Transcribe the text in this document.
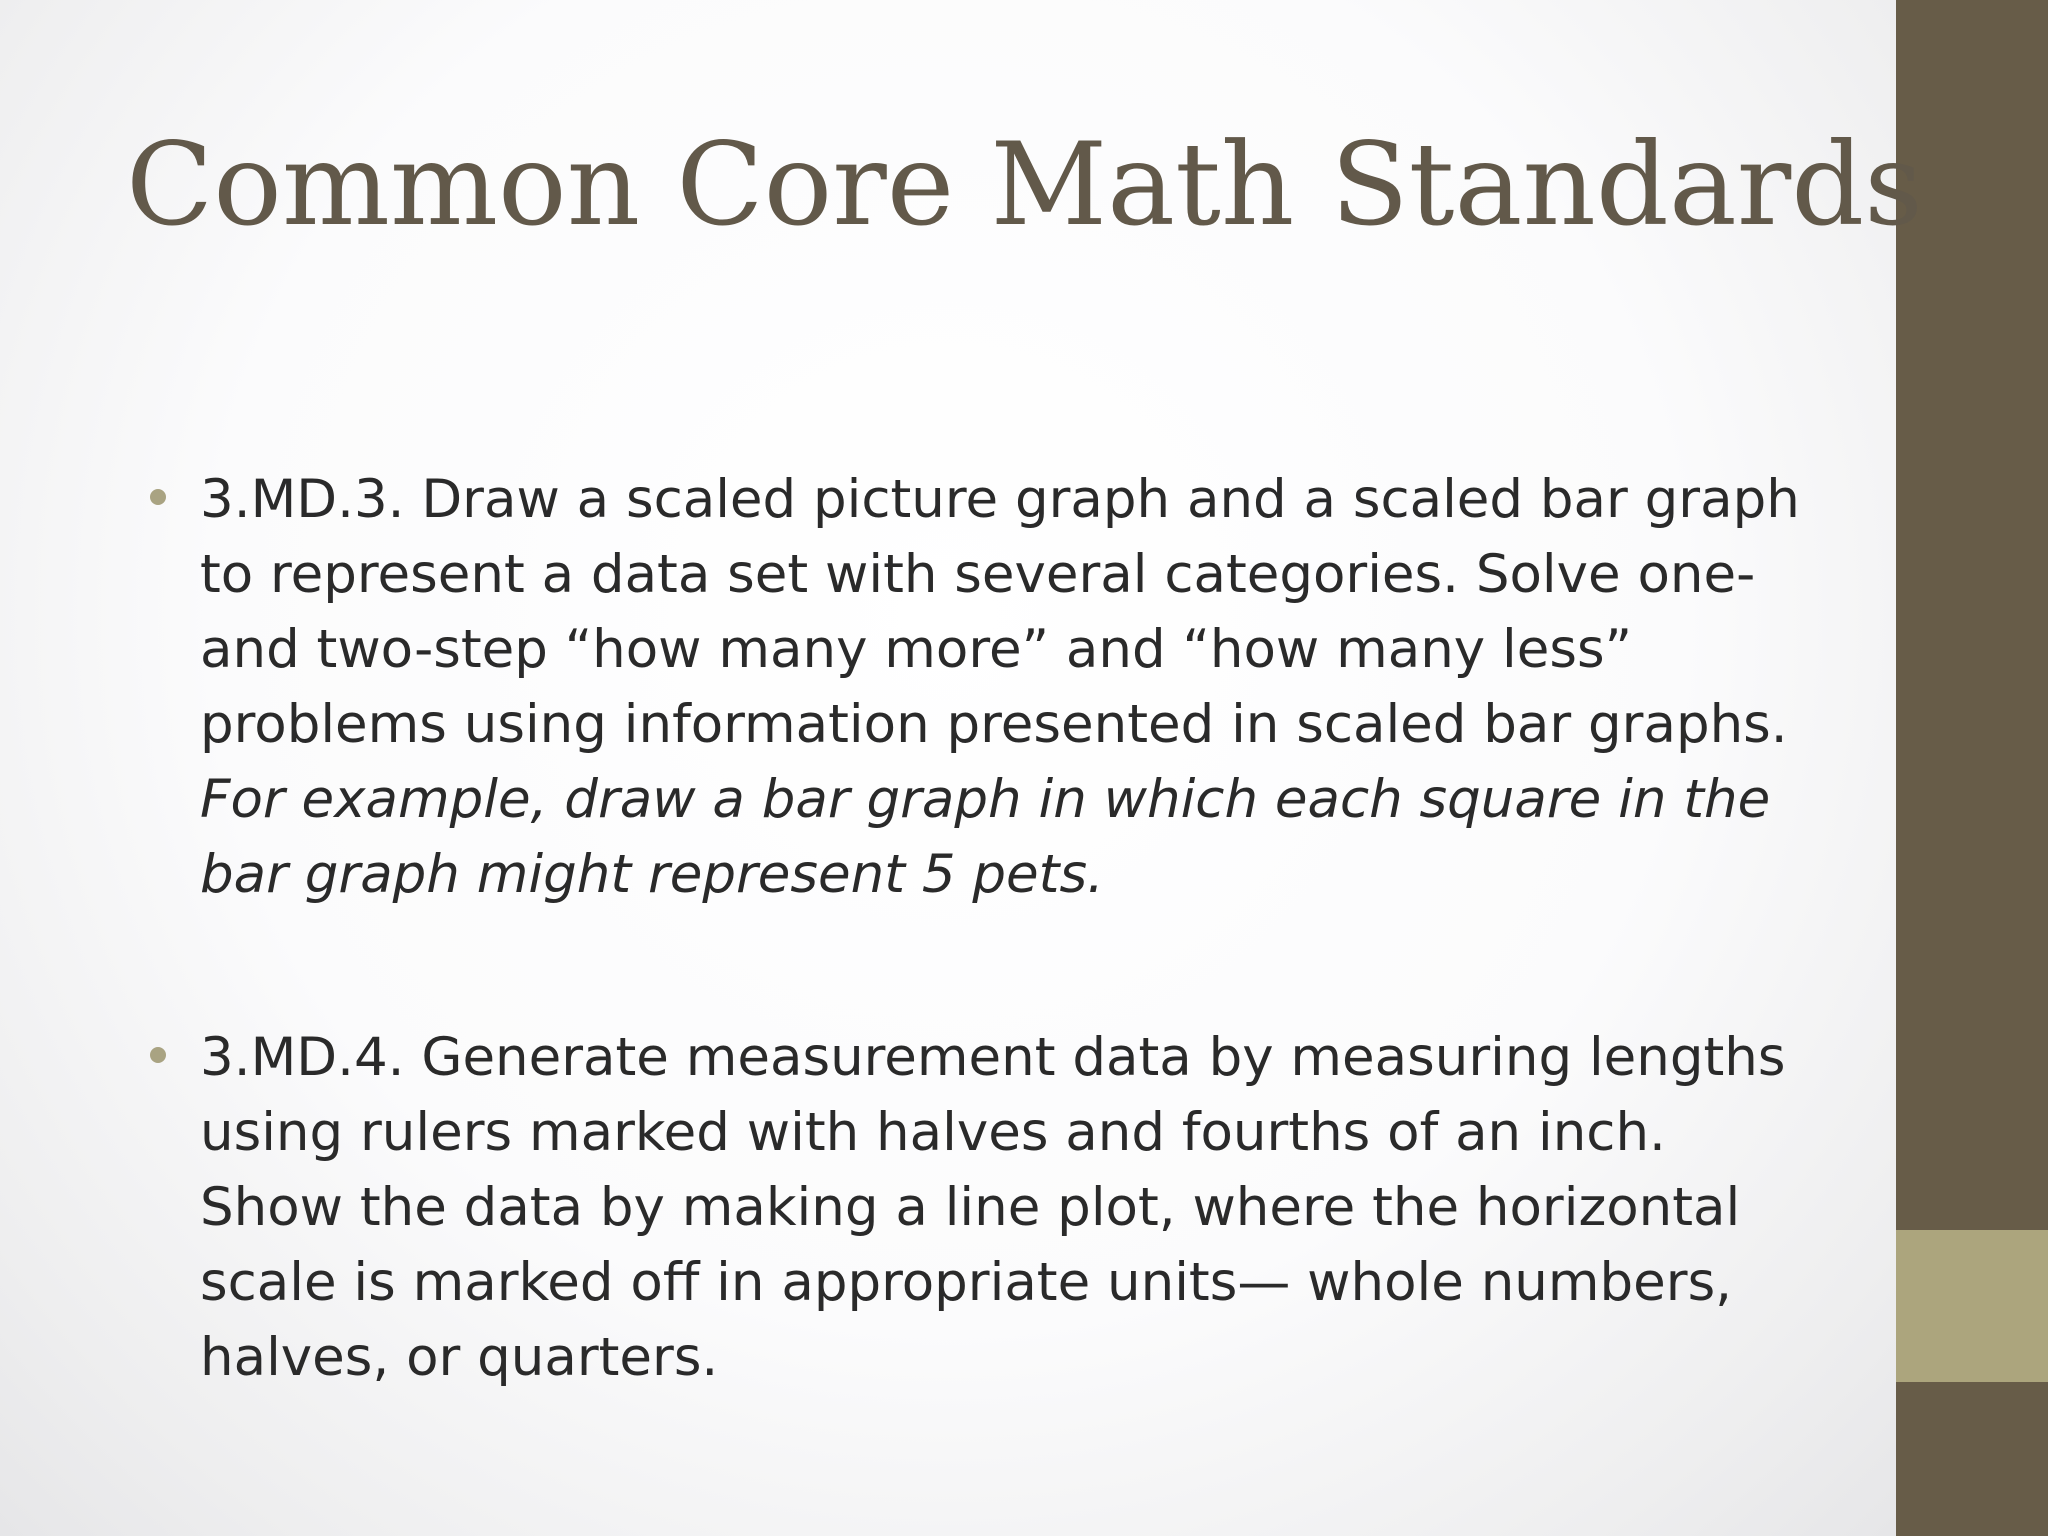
Common Core Math Standards
3.MD.3. Draw a scaled picture graph and a scaled bar graph to represent a data set with several categories. Solve one- and two-step “how many more” and “how many less” problems using information presented in scaled bar graphs. For example, draw a bar graph in which each square in the bar graph might represent 5 pets.
3.MD.4. Generate measurement data by measuring lengths using rulers marked with halves and fourths of an inch. Show the data by making a line plot, where the horizontal scale is marked off in appropriate units— whole numbers, halves, or quarters.
